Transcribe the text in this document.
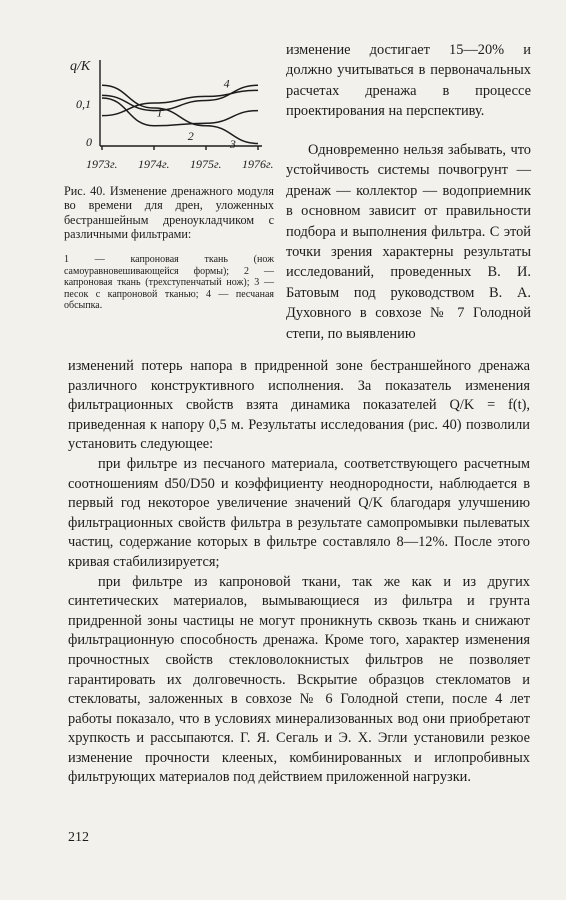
q/К
0,1
0
1973г. 1974г. 1975г. 1976г.
1
2
3
4
Рис. 40. Изменение дренажного модуля во времени для дрен, уложенных бестраншейным дреноукладчиком с различными фильтрами:
1 — капроновая ткань (нож самоуравновешивающейся формы); 2 — капроновая ткань (трехступенчатый нож); 3 — песок с капроновой тканью; 4 — песчаная обсыпка.
изменение достигает 15—20% и должно учитываться в первоначальных расчетах дренажа в процессе проектирования на перспективу.
Одновременно нельзя забывать, что устойчивость системы почвогрунт — дренаж — коллектор — водоприемник в основном зависит от правильности подбора и выполнения фильтра. С этой точки зрения характерны результаты исследований, проведенных В. И. Батовым под руководством В. А. Духовного в совхозе № 7 Голодной степи, по выявлению

изменений потерь напора в придренной зоне бестраншейного дренажа различного конструктивного исполнения. За показатель изменения фильтрационных свойств взята динамика показателей Q/K = f(t), приведенная к напору 0,5 м. Результаты исследования (рис. 40) позволили установить следующее:

при фильтре из песчаного материала, соответствующего расчетным соотношениям d50/D50 и коэффициенту неоднородности, наблюдается в первый год некоторое увеличение значений Q/K благодаря улучшению фильтрационных свойств фильтра в результате самопромывки пылеватых частиц, содержание которых в фильтре составляло 8—12%. После этого кривая стабилизируется;

при фильтре из капроновой ткани, так же как и из других синтетических материалов, вымывающиеся из фильтра и грунта придренной зоны частицы не могут проникнуть сквозь ткань и снижают фильтрационную способность дренажа. Кроме того, характер изменения прочностных свойств стекловолокнистых фильтров не позволяет гарантировать их долговечность. Вскрытие образцов стекломатов и стекловаты, заложенных в совхозе № 6 Голодной степи, после 4 лет работы показало, что в условиях минерализованных вод они приобретают хрупкость и рассыпаются. Г. Я. Сегаль и Э. Х. Эгли установили резкое изменение прочности клееных, комбинированных и иглопробивных фильтрующих материалов под действием приложенной нагрузки.

212
